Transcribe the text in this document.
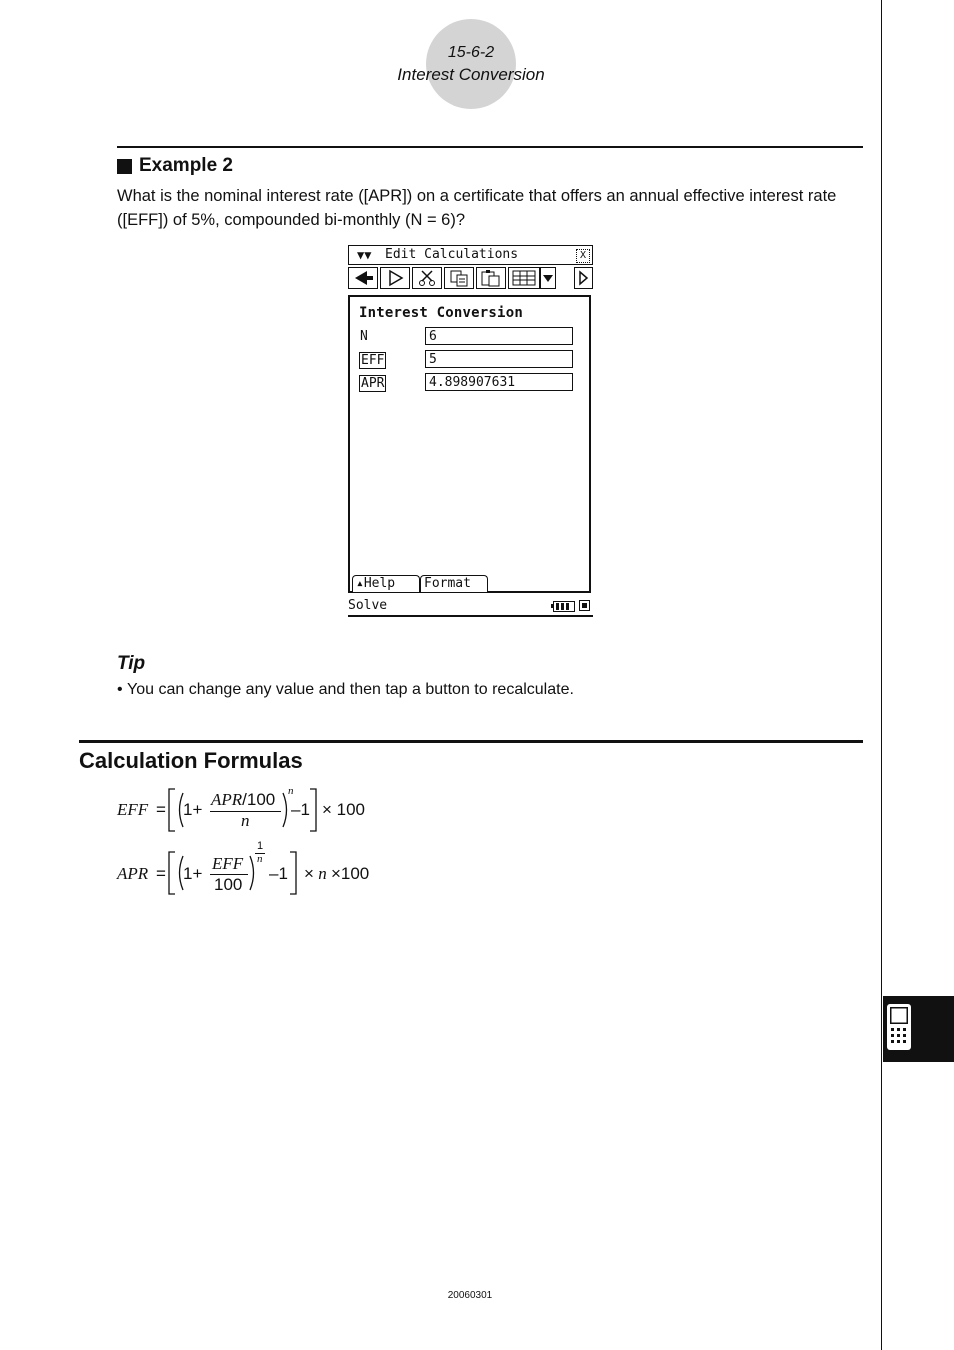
15-6-2
Interest Conversion
Example 2
What is the nominal interest rate ([APR]) on a certificate that offers an annual effective interest rate ([EFF]) of 5%, compounded bi-monthly (N = 6)?
▼▼ Edit Calculations	X
Interest Conversion
N	6
EFF	5
APR	4.898907631
▴Help	Format
Solve
Tip
• You can change any value and then tap a button to recalculate.
Calculation Formulas
EFF = 1+
APR/100
n
n
–1 × 100
APR = 1+
EFF
100
1
n
–1 × n ×100
20060301
